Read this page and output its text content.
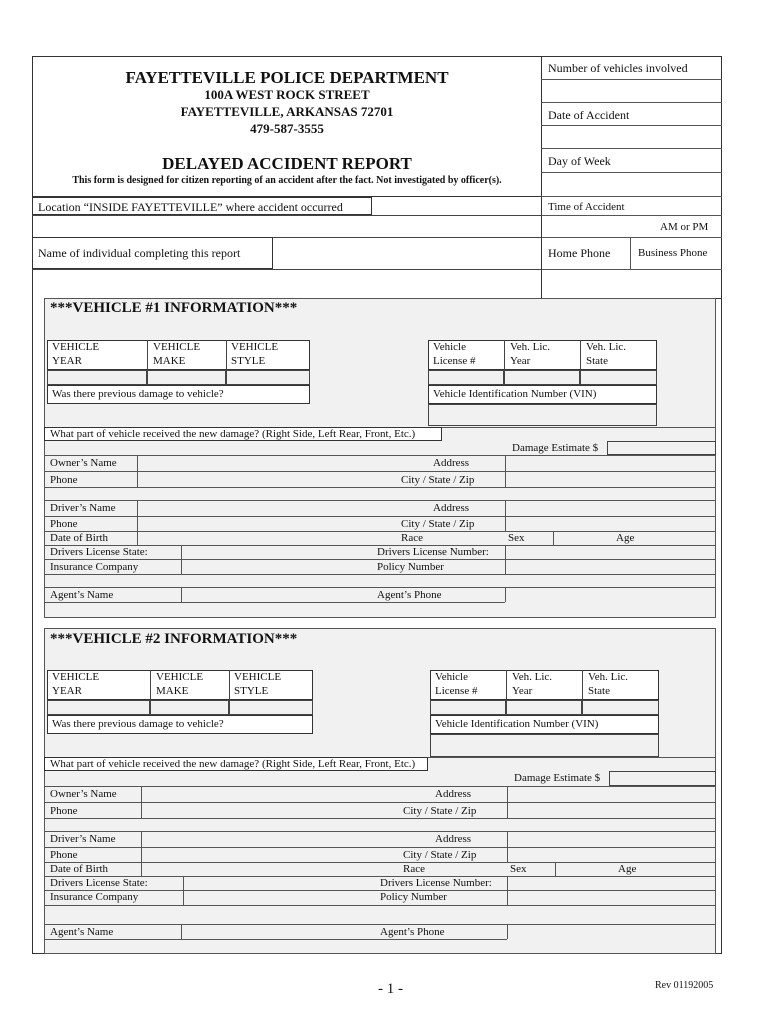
FAYETTEVILLE POLICE DEPARTMENT
100A WEST ROCK STREET
FAYETTEVILLE, ARKANSAS 72701
479-587-3555
DELAYED ACCIDENT REPORT
This form is designed for citizen reporting of an accident after the fact. Not investigated by officer(s).
Number of vehicles involved
Date of Accident
Day of Week
Time of Accident
AM or PM
Home Phone	Business Phone
Location “INSIDE FAYETTEVILLE” where accident occurred
Name of individual completing this report
***VEHICLE #1 INFORMATION***
VEHICLE
YEAR
VEHICLE
MAKE
VEHICLE
STYLE
Vehicle
License #
Veh. Lic.
Year
Veh. Lic.
State
Was there previous damage to vehicle?	Vehicle Identification Number (VIN)
What part of vehicle received the new damage? (Right Side, Left Rear, Front, Etc.)
Damage Estimate $
Owner’s Name	Address
Phone	City / State / Zip
Driver’s Name	Address
Phone	City / State / Zip
Date of Birth	Race	Sex	Age
Drivers License State:	Drivers License Number:
Insurance Company	Policy Number
Agent’s Name	Agent’s Phone
***VEHICLE #2 INFORMATION***
VEHICLE
YEAR
VEHICLE
MAKE
VEHICLE
STYLE
Vehicle
License #
Veh. Lic.
Year
Veh. Lic.
State
Was there previous damage to vehicle?	Vehicle Identification Number (VIN)
What part of vehicle received the new damage? (Right Side, Left Rear, Front, Etc.)
Damage Estimate $
Owner’s Name	Address
Phone	City / State / Zip
Driver’s Name	Address
Phone	City / State / Zip
Date of Birth	Race	Sex	Age
Drivers License State:	Drivers License Number:
Insurance Company	Policy Number
Agent’s Name	Agent’s Phone
- 1 -	Rev 01192005
